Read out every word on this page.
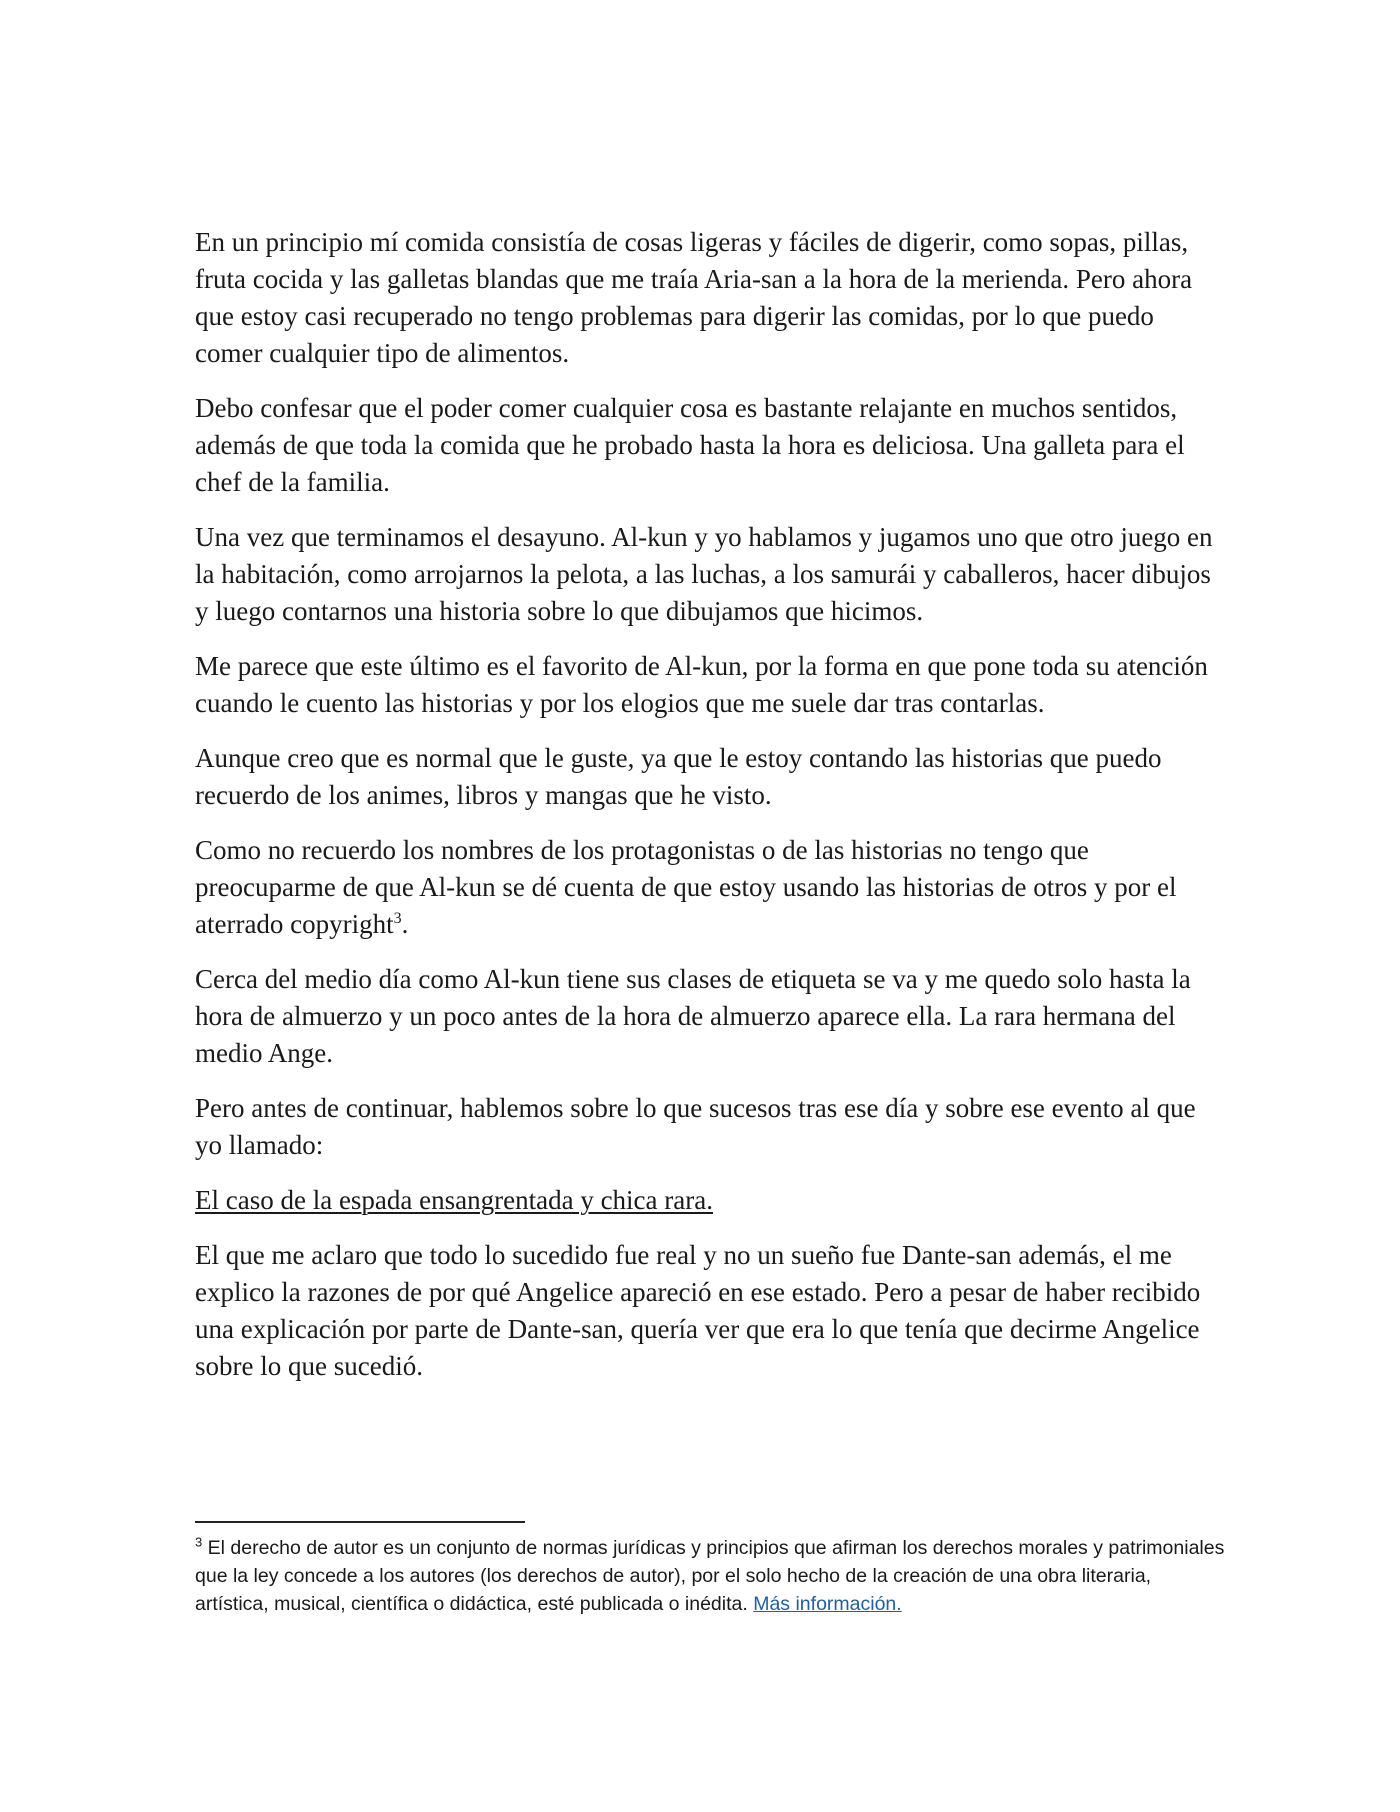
En un principio mí comida consistía de cosas ligeras y fáciles de digerir, como sopas, pillas, fruta cocida y las galletas blandas que me traía Aria-san a la hora de la merienda. Pero ahora que estoy casi recuperado no tengo problemas para digerir las comidas, por lo que puedo comer cualquier tipo de alimentos.

Debo confesar que el poder comer cualquier cosa es bastante relajante en muchos sentidos, además de que toda la comida que he probado hasta la hora es deliciosa. Una galleta para el chef de la familia.

Una vez que terminamos el desayuno. Al-kun y yo hablamos y jugamos uno que otro juego en la habitación, como arrojarnos la pelota, a las luchas, a los samurái y caballeros, hacer dibujos y luego contarnos una historia sobre lo que dibujamos que hicimos.

Me parece que este último es el favorito de Al-kun, por la forma en que pone toda su atención cuando le cuento las historias y por los elogios que me suele dar tras contarlas.

Aunque creo que es normal que le guste, ya que le estoy contando las historias que puedo recuerdo de los animes, libros y mangas que he visto.

Como no recuerdo los nombres de los protagonistas o de las historias no tengo que preocuparme de que Al-kun se dé cuenta de que estoy usando las historias de otros y por el aterrado copyright$^3$.

Cerca del medio día como Al-kun tiene sus clases de etiqueta se va y me quedo solo hasta la hora de almuerzo y un poco antes de la hora de almuerzo aparece ella. La rara hermana del medio Ange.

Pero antes de continuar, hablemos sobre lo que sucesos tras ese día y sobre ese evento al que yo llamado:

El caso de la espada ensangrentada y chica rara.

El que me aclaro que todo lo sucedido fue real y no un sueño fue Dante-san además, el me explico la razones de por qué Angelice apareció en ese estado. Pero a pesar de haber recibido una explicación por parte de Dante-san, quería ver que era lo que tenía que decirme Angelice sobre lo que sucedió.

$^3$ El derecho de autor es un conjunto de normas jurídicas y principios que afirman los derechos morales y patrimoniales que la ley concede a los autores (los derechos de autor), por el solo hecho de la creación de una obra literaria, artística, musical, científica o didáctica, esté publicada o inédita. Más información.
